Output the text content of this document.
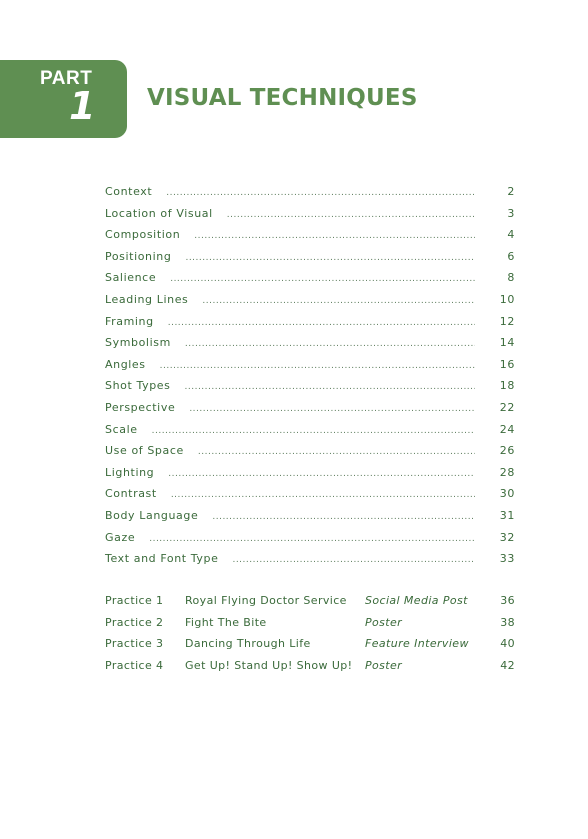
PART
1 VISUAL TECHNIQUES
Context .....	2
Location of Visual .....	3
Composition .....	4
Positioning .....	6
Salience .....	8
Leading Lines .....	10
Framing .....	12
Symbolism .....	14
Angles .....	16
Shot Types .....	18
Perspective .....	22
Scale .....	24
Use of Space .....	26
Lighting .....	28
Contrast .....	30
Body Language .....	31
Gaze .....	32
Text and Font Type .....	33
Practice 1	Royal Flying Doctor Service	Social Media Post	36
Practice 2	Fight The Bite	Poster	38
Practice 3	Dancing Through Life	Feature Interview	40
Practice 4	Get Up! Stand Up! Show Up!	Poster	42
